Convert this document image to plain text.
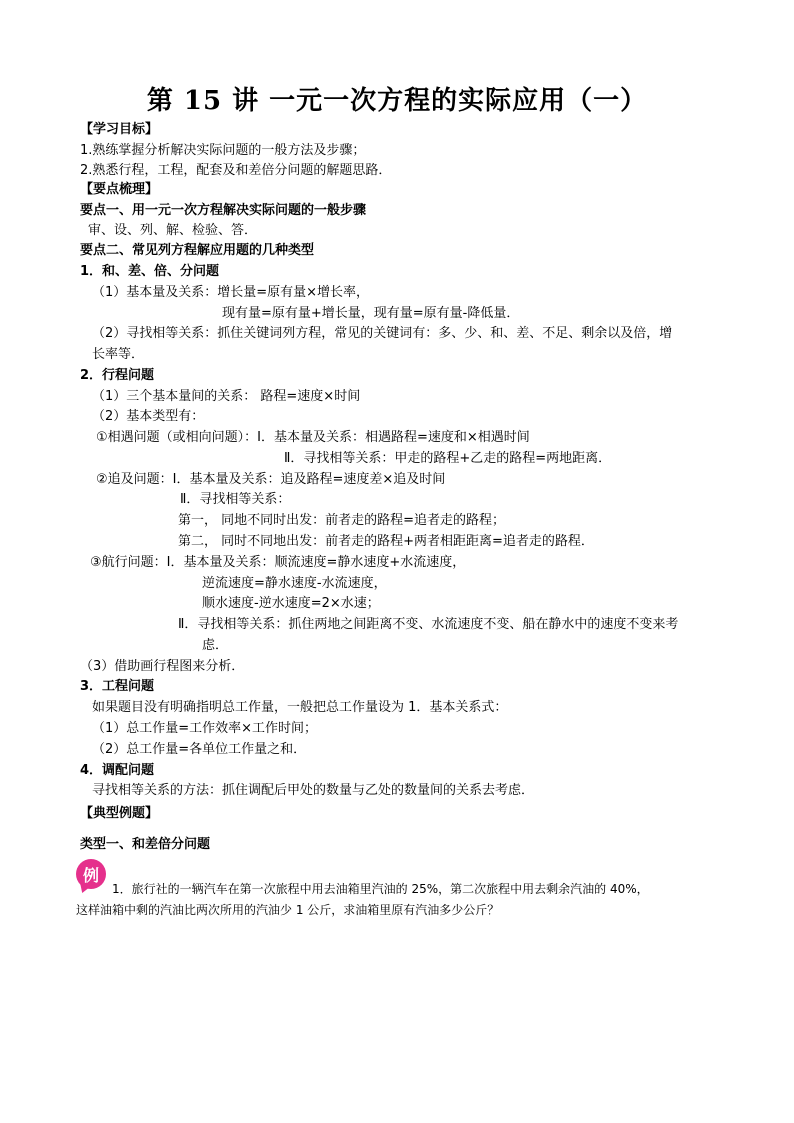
第 15 讲 一元一次方程的实际应用（一）
【学习目标】
1.熟练掌握分析解决实际问题的一般方法及步骤；
2.熟悉行程，工程，配套及和差倍分问题的解题思路．
【要点梳理】
要点一、用一元一次方程解决实际问题的一般步骤
审、设、列、解、检验、答．
要点二、常见列方程解应用题的几种类型
1．和、差、倍、分问题
（1）基本量及关系：增长量=原有量×增长率，
现有量=原有量+增长量，现有量=原有量-降低量．
（2）寻找相等关系：抓住关键词列方程，常见的关键词有：多、少、和、差、不足、剩余以及倍，增
长率等．
2．行程问题
（1）三个基本量间的关系： 路程=速度×时间
（2）基本类型有：
①相遇问题（或相向问题）：Ⅰ．基本量及关系：相遇路程=速度和×相遇时间
Ⅱ．寻找相等关系：甲走的路程+乙走的路程=两地距离．
②追及问题：Ⅰ．基本量及关系：追及路程=速度差×追及时间
Ⅱ．寻找相等关系：
第一， 同地不同时出发：前者走的路程=追者走的路程；
第二， 同时不同地出发：前者走的路程+两者相距距离=追者走的路程．
③航行问题：Ⅰ．基本量及关系：顺流速度=静水速度+水流速度，
逆流速度=静水速度-水流速度，
顺水速度-逆水速度=2×水速；
Ⅱ．寻找相等关系：抓住两地之间距离不变、水流速度不变、船在静水中的速度不变来考
虑．
（3）借助画行程图来分析．
3．工程问题
如果题目没有明确指明总工作量，一般把总工作量设为 1．基本关系式：
（1）总工作量=工作效率×工作时间；
（2）总工作量=各单位工作量之和．
4．调配问题
寻找相等关系的方法：抓住调配后甲处的数量与乙处的数量间的关系去考虑．
【典型例题】
类型一、和差倍分问题
例
1．旅行社的一辆汽车在第一次旅程中用去油箱里汽油的 25%，第二次旅程中用去剩余汽油的 40%，
这样油箱中剩的汽油比两次所用的汽油少 1 公斤，求油箱里原有汽油多少公斤？
